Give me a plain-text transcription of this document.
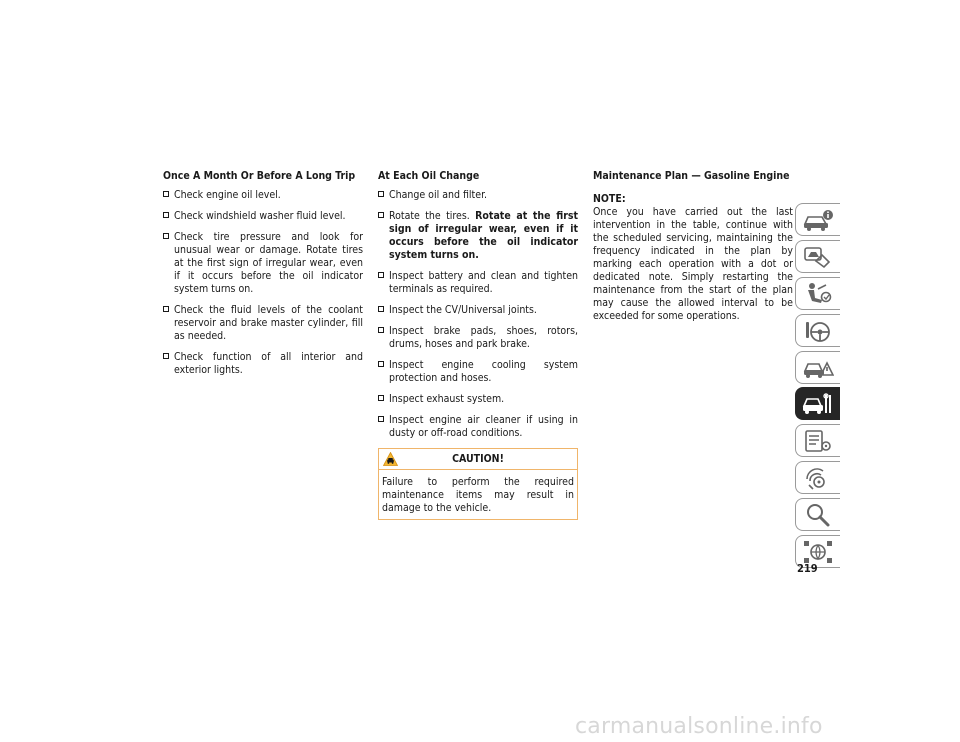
Once A Month Or Before A Long Trip
Check engine oil level.
Check windshield washer fluid level.
Check tire pressure and look for unusual wear or damage. Rotate tires at the first sign of irregular wear, even if it occurs before the oil indicator system turns on.
Check the fluid levels of the coolant reservoir and brake master cylinder, fill as needed.
Check function of all interior and exterior lights.
At Each Oil Change
Change oil and filter.
Rotate the tires. Rotate at the first sign of irregular wear, even if it occurs before the oil indicator system turns on.
Inspect battery and clean and tighten terminals as required.
Inspect the CV/Universal joints.
Inspect brake pads, shoes, rotors, drums, hoses and park brake.
Inspect engine cooling system protection and hoses.
Inspect exhaust system.
Inspect engine air cleaner if using in dusty or off-road conditions.
CAUTION!
Failure to perform the required maintenance items may result in damage to the vehicle.
Maintenance Plan — Gasoline Engine

NOTE:

Once you have carried out the last intervention in the table, continue with the scheduled servicing, maintaining the frequency indicated in the plan by marking each operation with a dot or dedicated note. Simply restarting the maintenance from the start of the plan may cause the allowed interval to be exceeded for some operations.

219
carmanualsonline.info
